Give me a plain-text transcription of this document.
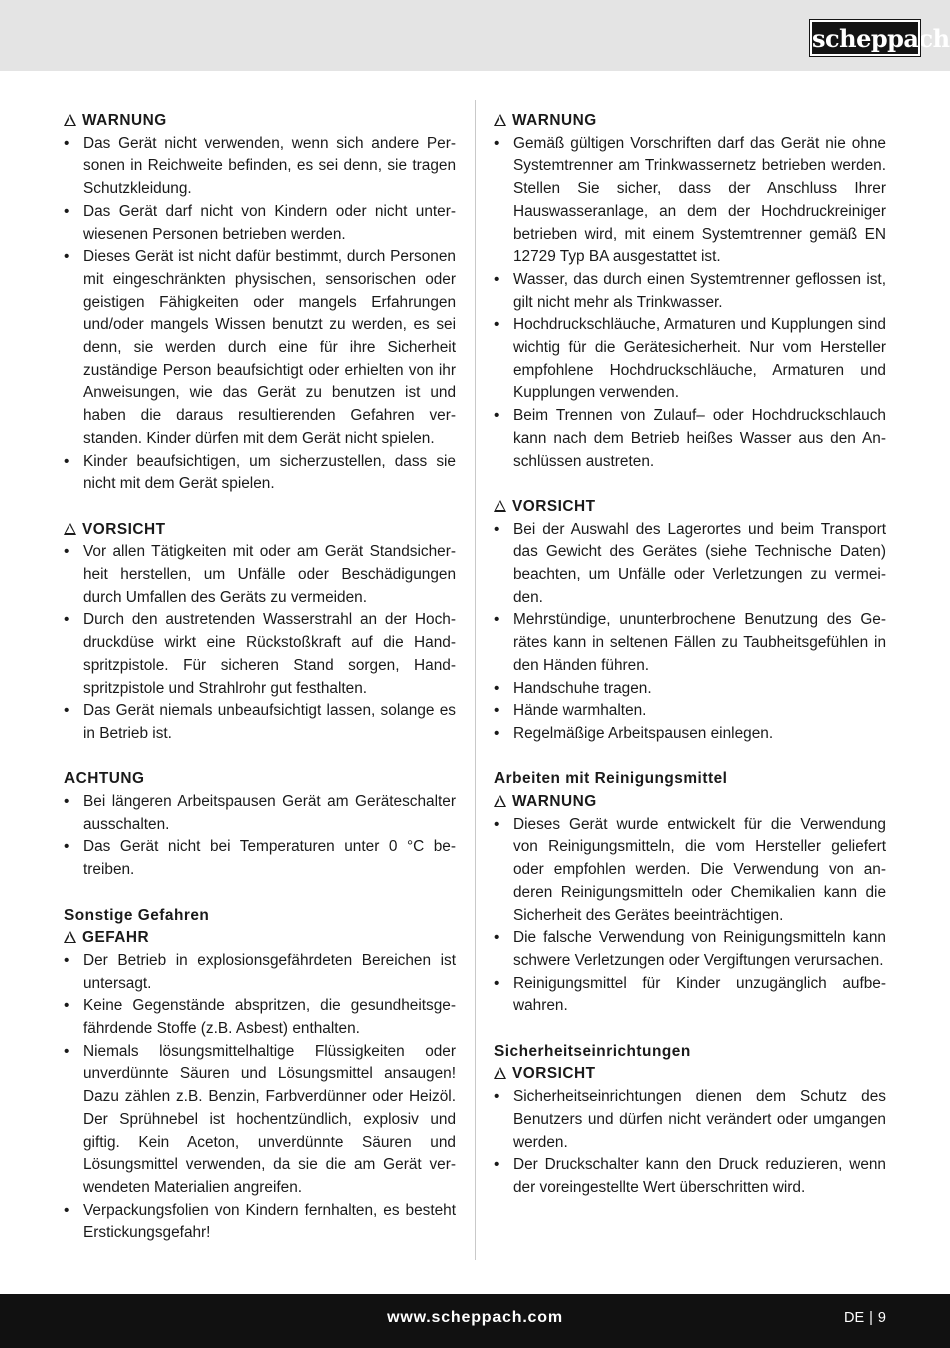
scheppach
!WARNUNG
• Das Gerät nicht verwenden, wenn sich andere Personen in Reichweite befinden, es sei denn, sie tragen Schutzkleidung.
• Das Gerät darf nicht von Kindern oder nicht unterwiesenen Personen betrieben werden.
• Dieses Gerät ist nicht dafür bestimmt, durch Personen mit eingeschränkten physischen, sensorischen oder geistigen Fähigkeiten oder mangels Erfahrungen und/oder mangels Wissen benutzt zu werden, es sei denn, sie werden durch eine für ihre Sicherheit zuständige Person beaufsichtigt oder erhielten von ihr Anweisungen, wie das Gerät zu benutzen ist und haben die daraus resultierenden Gefahren verstanden. Kinder dürfen mit dem Gerät nicht spielen.
• Kinder beaufsichtigen, um sicherzustellen, dass sie nicht mit dem Gerät spielen.
!VORSICHT
• Vor allen Tätigkeiten mit oder am Gerät Standsicherheit herstellen, um Unfälle oder Beschädigungen durch Umfallen des Geräts zu vermeiden.
• Durch den austretenden Wasserstrahl an der Hochdruckdüse wirkt eine Rückstoßkraft auf die Handspritzpistole. Für sicheren Stand sorgen, Handspritzpistole und Strahlrohr gut festhalten.
• Das Gerät niemals unbeaufsichtigt lassen, solange es in Betrieb ist.
ACHTUNG
• Bei längeren Arbeitspausen Gerät am Geräteschalter ausschalten.
• Das Gerät nicht bei Temperaturen unter 0 °C betreiben.
Sonstige Gefahren
!GEFAHR
• Der Betrieb in explosionsgefährdeten Bereichen ist untersagt.
• Keine Gegenstände abspritzen, die gesundheitsgefährdende Stoffe (z.B. Asbest) enthalten.
• Niemals lösungsmittelhaltige Flüssigkeiten oder unverdünnte Säuren und Lösungsmittel ansaugen! Dazu zählen z.B. Benzin, Farbverdünner oder Heizöl. Der Sprühnebel ist hochentzündlich, explosiv und giftig. Kein Aceton, unverdünnte Säuren und Lösungsmittel verwenden, da sie die am Gerät verwendeten Materialien angreifen.
• Verpackungsfolien von Kindern fernhalten, es besteht Erstickungsgefahr!
!WARNUNG
• Gemäß gültigen Vorschriften darf das Gerät nie ohne Systemtrenner am Trinkwassernetz betrieben werden. Stellen Sie sicher, dass der Anschluss Ihrer Hauswasseranlage, an dem der Hochdruckreiniger betrieben wird, mit einem Systemtrenner gemäß EN 12729 Typ BA ausgestattet ist.
• Wasser, das durch einen Systemtrenner geflossen ist, gilt nicht mehr als Trinkwasser.
• Hochdruckschläuche, Armaturen und Kupplungen sind wichtig für die Gerätesicherheit. Nur vom Hersteller empfohlene Hochdruckschläuche, Armaturen und Kupplungen verwenden.
• Beim Trennen von Zulauf– oder Hochdruckschlauch kann nach dem Betrieb heißes Wasser aus den Anschlüssen austreten.
!VORSICHT
• Bei der Auswahl des Lagerortes und beim Transport das Gewicht des Gerätes (siehe Technische Daten) beachten, um Unfälle oder Verletzungen zu vermeiden.
• Mehrstündige, ununterbrochene Benutzung des Gerätes kann in seltenen Fällen zu Taubheitsgefühlen in den Händen führen.
• Handschuhe tragen.
• Hände warmhalten.
• Regelmäßige Arbeitspausen einlegen.
Arbeiten mit Reinigungsmittel
!WARNUNG
• Dieses Gerät wurde entwickelt für die Verwendung von Reinigungsmitteln, die vom Hersteller geliefert oder empfohlen werden. Die Verwendung von anderen Reinigungsmitteln oder Chemikalien kann die Sicherheit des Gerätes beeinträchtigen.
• Die falsche Verwendung von Reinigungsmitteln kann schwere Verletzungen oder Vergiftungen verursachen.
• Reinigungsmittel für Kinder unzugänglich aufbewahren.
Sicherheitseinrichtungen
!VORSICHT
• Sicherheitseinrichtungen dienen dem Schutz des Benutzers und dürfen nicht verändert oder umgangen werden.
• Der Druckschalter kann den Druck reduzieren, wenn der voreingestellte Wert überschritten wird.
www.scheppach.com	DE | 9
